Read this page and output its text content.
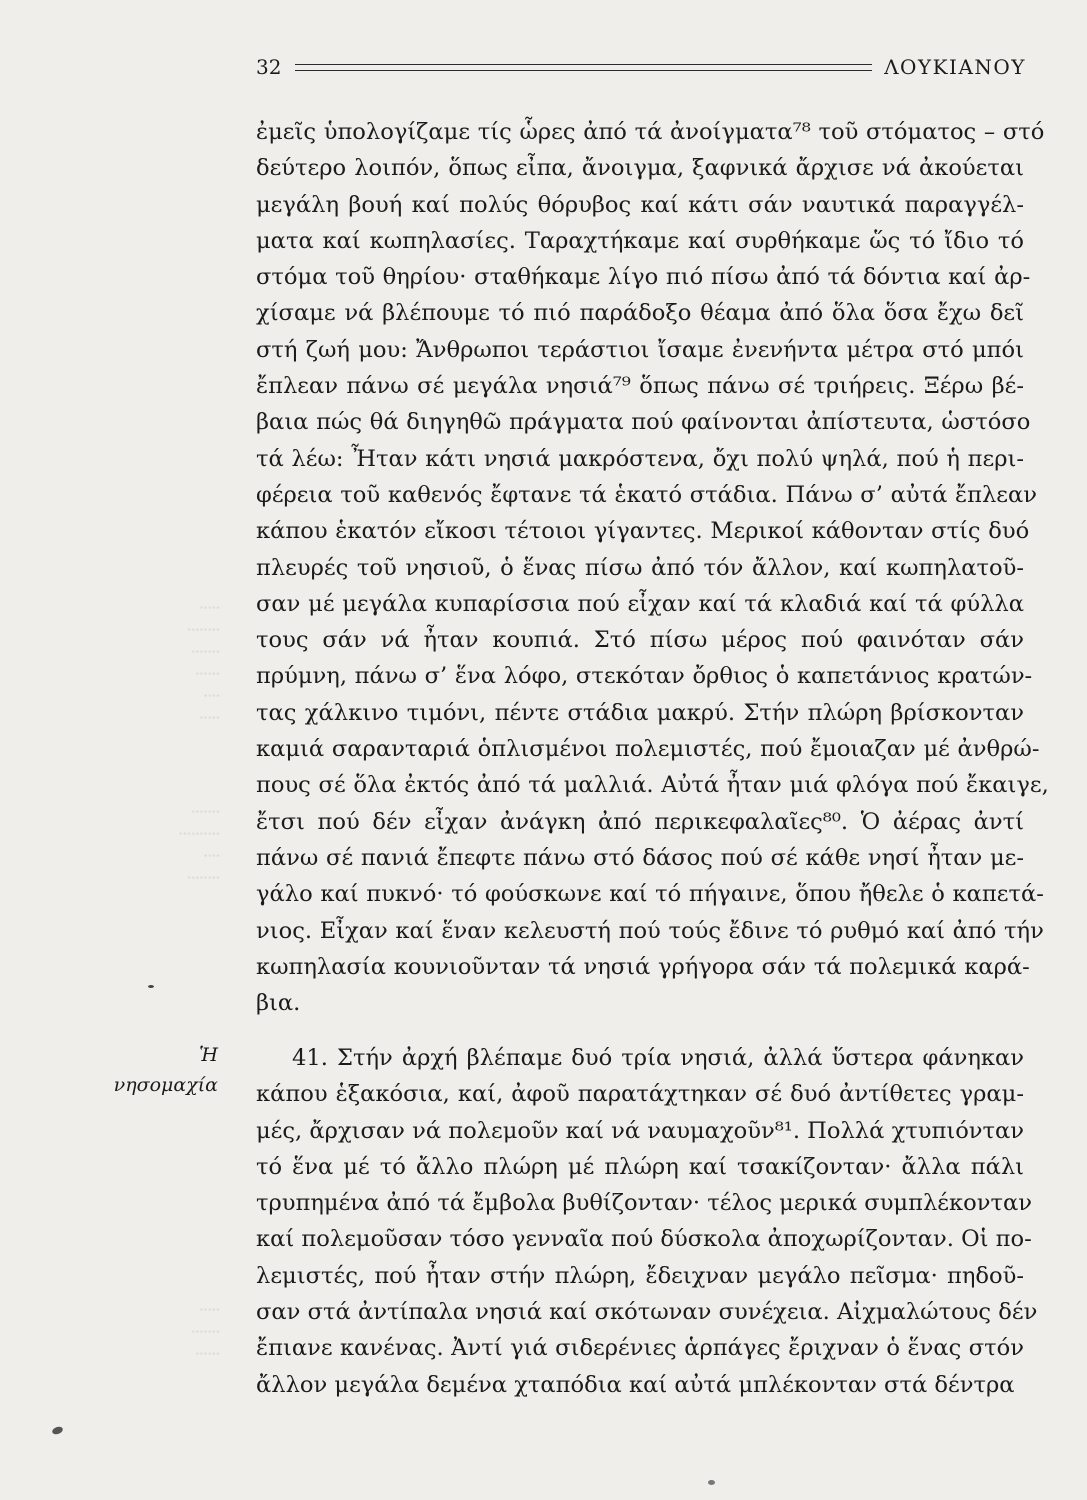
32	ΛΟΥΚΙΑΝΟΥ
·····
········
·······
······
····
·····
·······
··········
····
········
·····
·······
······
ἐμεῖς ὑπολογίζαμε τίς ὧρες ἀπό τά ἀνοίγματα⁷⁸ τοῦ στόματος – στό
δεύτερο λοιπόν, ὅπως εἶπα, ἄνοιγμα, ξαφνικά ἄρχισε νά ἀκούεται
μεγάλη βουή καί πολύς θόρυβος καί κάτι σάν ναυτικά παραγγέλ-
ματα καί κωπηλασίες. Ταραχτήκαμε καί συρθήκαμε ὥς τό ἴδιο τό
στόμα τοῦ θηρίου· σταθήκαμε λίγο πιό πίσω ἀπό τά δόντια καί ἀρ-
χίσαμε νά βλέπουμε τό πιό παράδοξο θέαμα ἀπό ὅλα ὅσα ἔχω δεῖ
στή ζωή μου: Ἄνθρωποι τεράστιοι ἴσαμε ἐνενήντα μέτρα στό μπόι
ἔπλεαν πάνω σέ μεγάλα νησιά⁷⁹ ὅπως πάνω σέ τριήρεις. Ξέρω βέ-
βαια πώς θά διηγηθῶ πράγματα πού φαίνονται ἀπίστευτα, ὡστόσο
τά λέω: Ἦταν κάτι νησιά μακρόστενα, ὄχι πολύ ψηλά, πού ἡ περι-
φέρεια τοῦ καθενός ἔφτανε τά ἑκατό στάδια. Πάνω σ’ αὐτά ἔπλεαν
κάπου ἑκατόν εἴκοσι τέτοιοι γίγαντες. Μερικοί κάθονταν στίς δυό
πλευρές τοῦ νησιοῦ, ὁ ἕνας πίσω ἀπό τόν ἄλλον, καί κωπηλατοῦ-
σαν μέ μεγάλα κυπαρίσσια πού εἶχαν καί τά κλαδιά καί τά φύλλα
τους σάν νά ἦταν κουπιά. Στό πίσω μέρος πού φαινόταν σάν
πρύμνη, πάνω σ’ ἕνα λόφο, στεκόταν ὄρθιος ὁ καπετάνιος κρατών-
τας χάλκινο τιμόνι, πέντε στάδια μακρύ. Στήν πλώρη βρίσκονταν
καμιά σαρανταριά ὁπλισμένοι πολεμιστές, πού ἔμοιαζαν μέ ἀνθρώ-
πους σέ ὅλα ἐκτός ἀπό τά μαλλιά. Αὐτά ἦταν μιά φλόγα πού ἔκαιγε,
ἔτσι πού δέν εἶχαν ἀνάγκη ἀπό περικεφαλαῖες⁸⁰. Ὁ ἀέρας ἀντί
πάνω σέ πανιά ἔπεφτε πάνω στό δάσος πού σέ κάθε νησί ἦταν με-
γάλο καί πυκνό· τό φούσκωνε καί τό πήγαινε, ὅπου ἤθελε ὁ καπετά-
νιος. Εἶχαν καί ἕναν κελευστή πού τούς ἔδινε τό ρυθμό καί ἀπό τήν
κωπηλασία κουνιοῦνταν τά νησιά γρήγορα σάν τά πολεμικά καρά-
βια.
Ἡ
νησομαχία
41. Στήν ἀρχή βλέπαμε δυό τρία νησιά, ἀλλά ὕστερα φάνηκαν
κάπου ἑξακόσια, καί, ἀφοῦ παρατάχτηκαν σέ δυό ἀντίθετες γραμ-
μές, ἄρχισαν νά πολεμοῦν καί νά ναυμαχοῦν⁸¹. Πολλά χτυπιόνταν
τό ἕνα μέ τό ἄλλο πλώρη μέ πλώρη καί τσακίζονταν· ἄλλα πάλι
τρυπημένα ἀπό τά ἔμβολα βυθίζονταν· τέλος μερικά συμπλέκονταν
καί πολεμοῦσαν τόσο γενναῖα πού δύσκολα ἀποχωρίζονταν. Οἱ πο-
λεμιστές, πού ἦταν στήν πλώρη, ἔδειχναν μεγάλο πεῖσμα· πηδοῦ-
σαν στά ἀντίπαλα νησιά καί σκότωναν συνέχεια. Αἰχμαλώτους δέν
ἔπιανε κανένας. Ἀντί γιά σιδερένιες ἁρπάγες ἔριχναν ὁ ἕνας στόν
ἄλλον μεγάλα δεμένα χταπόδια καί αὐτά μπλέκονταν στά δέντρα
